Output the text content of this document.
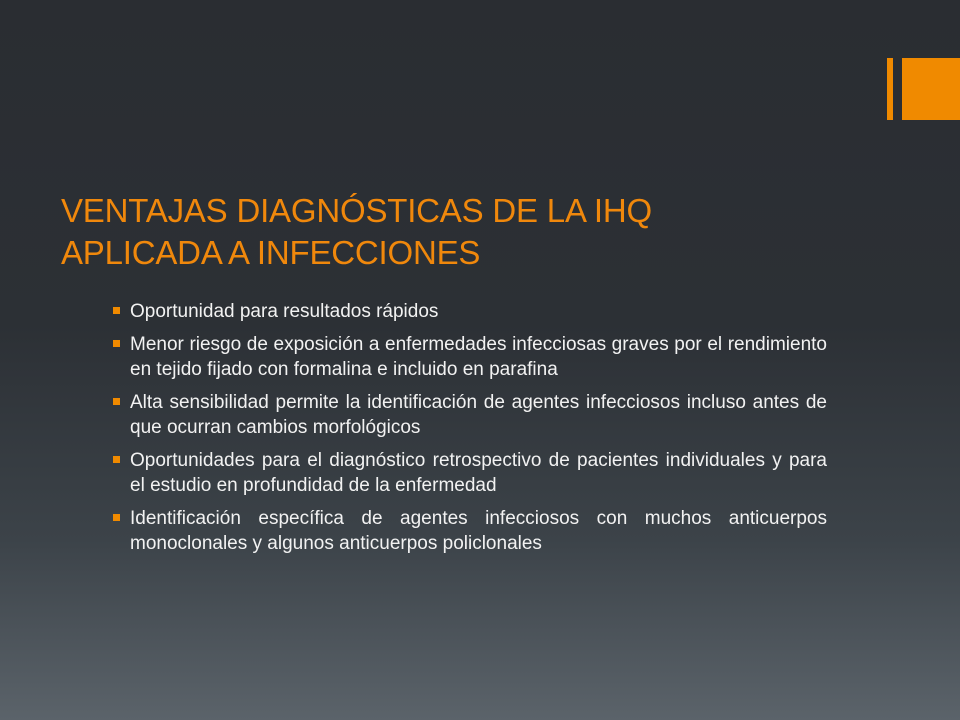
VENTAJAS DIAGNÓSTICAS DE LA IHQ
APLICADA A INFECCIONES
Oportunidad para resultados rápidos
Menor riesgo de exposición a enfermedades infecciosas graves por el rendimiento en tejido fijado con formalina e incluido en parafina
Alta sensibilidad permite la identificación de agentes infecciosos incluso antes de que ocurran cambios morfológicos
Oportunidades para el diagnóstico retrospectivo de pacientes individuales y para el estudio en profundidad de la enfermedad
Identificación específica de agentes infecciosos con muchos anticuerpos monoclonales y algunos anticuerpos policlonales
